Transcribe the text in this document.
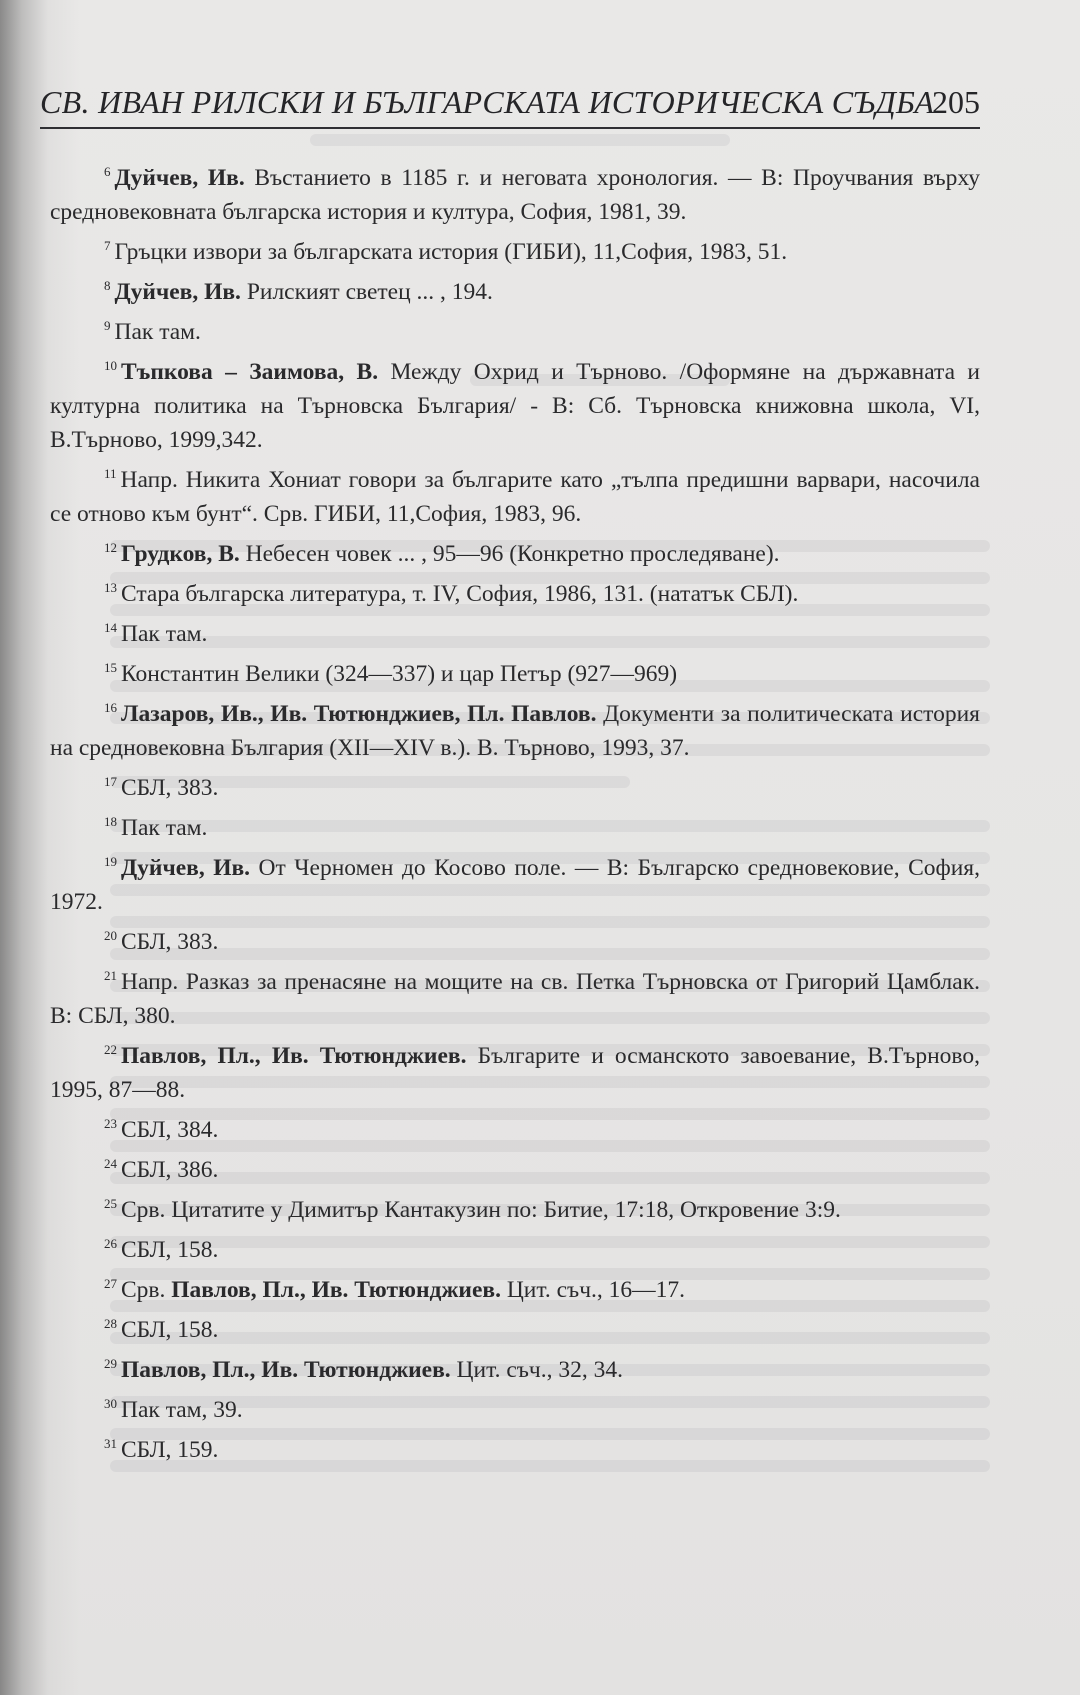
СВ. ИВАН РИЛСКИ И БЪЛГАРСКАТА ИСТОРИЧЕСКА СЪДБА
205

$^6$ Дуйчев, Ив. Въстанието в 1185 г. и неговата хронология. — В: Проучвания върху средновековната българска история и култура, София, 1981, 39.

$^7$ Гръцки извори за българската история (ГИБИ), 11,София, 1983, 51.

$^8$ Дуйчев, Ив. Рилският светец ... , 194.

$^9$ Пак там.

$^{10}$ Тъпкова – Заимова, В. Между Охрид и Търново. /Оформяне на държавната и културна политика на Търновска България/ - В: Сб. Търновска книжовна школа, VI, В.Търново, 1999,342.

$^{11}$ Напр. Никита Хониат говори за българите като „тълпа предишни варвари, насочила се отново към бунт“. Срв. ГИБИ, 11,София, 1983, 96.

$^{12}$ Грудков, В. Небесен човек ... , 95—96 (Конкретно проследяване).

$^{13}$ Стара българска литература, т. IV, София, 1986, 131. (нататък СБЛ).

$^{14}$ Пак там.

$^{15}$ Константин Велики (324—337) и цар Петър (927—969)

$^{16}$ Лазаров, Ив., Ив. Тютюнджиев, Пл. Павлов. Документи за политическата история на средновековна България (XII—XIV в.). В. Търново, 1993, 37.

$^{17}$ СБЛ, 383.

$^{18}$ Пак там.

$^{19}$ Дуйчев, Ив. От Черномен до Косово поле. — В: Българско средновековие, София, 1972.

$^{20}$ СБЛ, 383.

$^{21}$ Напр. Разказ за пренасяне на мощите на св. Петка Търновска от Григорий Цамблак. В: СБЛ, 380.

$^{22}$ Павлов, Пл., Ив. Тютюнджиев. Българите и османското завоевание, В.Търново, 1995, 87—88.

$^{23}$ СБЛ, 384.

$^{24}$ СБЛ, 386.

$^{25}$ Срв. Цитатите у Димитър Кантакузин по: Битие, 17:18, Откровение 3:9.

$^{26}$ СБЛ, 158.

$^{27}$ Срв. Павлов, Пл., Ив. Тютюнджиев. Цит. съч., 16—17.

$^{28}$ СБЛ, 158.

$^{29}$ Павлов, Пл., Ив. Тютюнджиев. Цит. съч., 32, 34.

$^{30}$ Пак там, 39.

$^{31}$ СБЛ, 159.
